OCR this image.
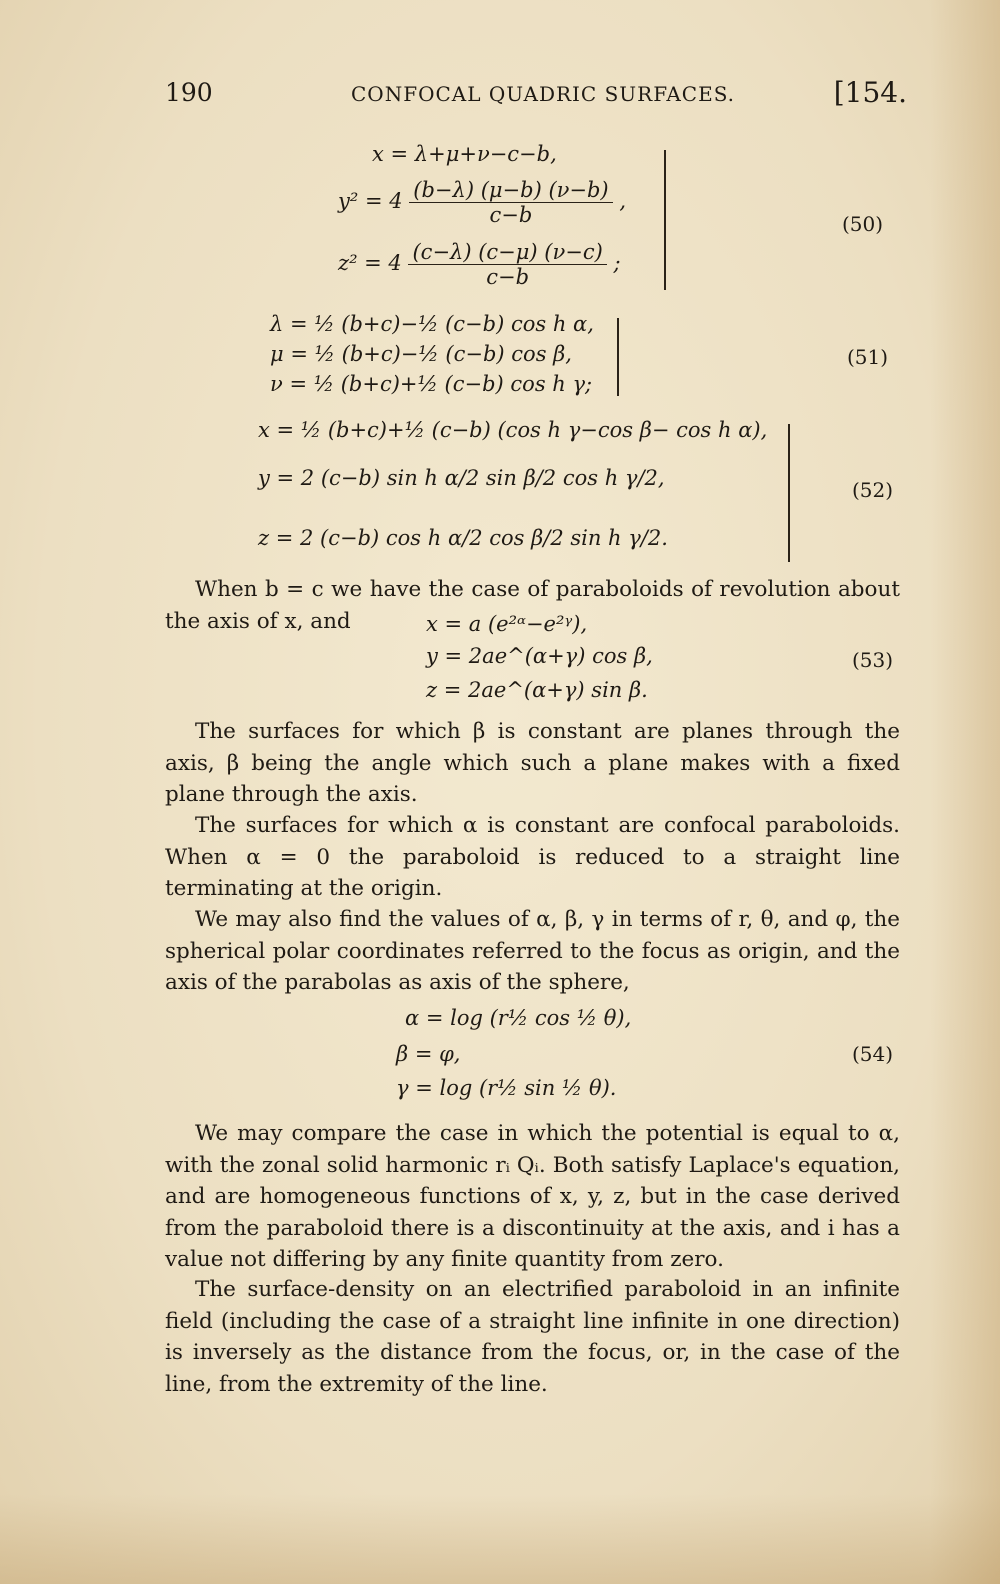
190	CONFOCAL QUADRIC SURFACES.	[154.
x = λ+μ+ν−c−b,
$y^2 = 4 \frac{(b-\lambda) (\mu-b) (\nu-b)}{c-b}$ ,
$z^2 = 4 \frac{(c-\lambda) (c-\mu) (\nu-c)}{c-b}$ ;
(50)
λ = ½ (b+c)−½ (c−b) cos h α,
μ = ½ (b+c)−½ (c−b) cos β,
ν = ½ (b+c)+½ (c−b) cos h γ;
(51)
x = ½ (b+c)+½ (c−b) (cos h γ−cos β− cos h α),
y = 2 (c−b) sin h α/2 sin β/2 cos h γ/2,
z = 2 (c−b) cos h α/2 cos β/2 sin h γ/2.
(52)
When b = c we have the case of paraboloids of revolution about the axis of x, and	x = a (e²ᵅ−e²ᵞ),
y = 2ae^(α+γ) cos β,
z = 2ae^(α+γ) sin β.
(53)
The surfaces for which β is constant are planes through the axis, β being the angle which such a plane makes with a fixed plane through the axis.
The surfaces for which α is constant are confocal paraboloids. When α = 0 the paraboloid is reduced to a straight line terminating at the origin.
We may also find the values of α, β, γ in terms of r, θ, and φ, the spherical polar coordinates referred to the focus as origin, and the axis of the parabolas as axis of the sphere,
α = log (r½ cos ½ θ),
β = φ,
γ = log (r½ sin ½ θ).
(54)
We may compare the case in which the potential is equal to α, with the zonal solid harmonic rᵢ Qᵢ. Both satisfy Laplace's equation, and are homogeneous functions of x, y, z, but in the case derived from the paraboloid there is a discontinuity at the axis, and i has a value not differing by any finite quantity from zero.
The surface-density on an electrified paraboloid in an infinite field (including the case of a straight line infinite in one direction) is inversely as the distance from the focus, or, in the case of the line, from the extremity of the line.
